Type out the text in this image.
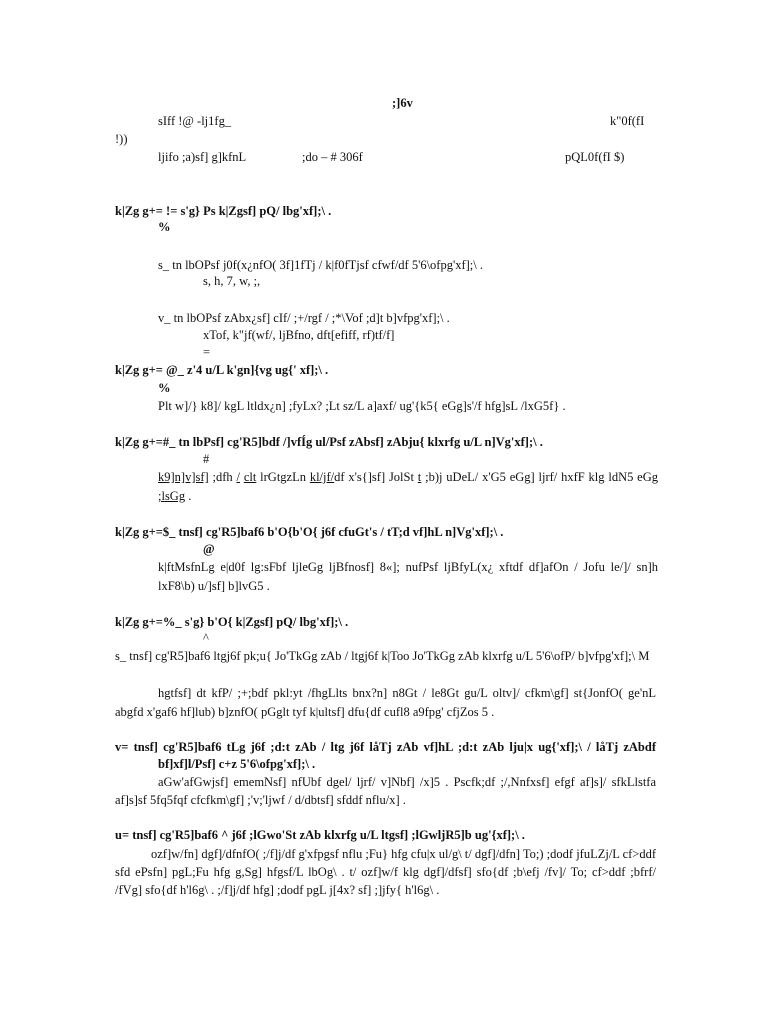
;]6v
sIff !@ -lj1fg_	k"0f(fI
!))
ljifo ;a)sf] g]kfnL	;do – # 306f	pQL0f(fI $)
k|Zg g+= != s'g} Ps k|Zgsf] pQ/ lbg'xf];\ .
%
s_ tn lbOPsf j0f(x¿nfO( 3f]1fTj / k|f0fTjsf cfwf/df 5'6\ofpg'xf];\ .
s, h, 7, w, ;,
v_ tn lbOPsf zAbx¿sf] cIf/ ;+/rgf / ;*\Vof ;d]t b]vfpg'xf];\ .
xTof, k"jf(wf/, ljBfno, dft[efiff, rf)tf/f]
=
k|Zg g+= @_ z'4 u/L k'gn]{vg ug{' xf];\ .
%
Plt w]/} k8]/ kgL ltldx¿n] ;fyLx? ;Lt sz/L a]axf/ ug'{k5{ eGg]s'/f hfg]sL /lxG5f} .
k|Zg g+=#_ tn lbPsf] cg'R5]bdf /]vfÍg ul/Psf zAbsf] zAbju{ klxrfg u/L n]Vg'xf];\ .
#
k9]n]v]sf] ;dfh / clt lrGtgzLn kl/jf/df x's{]sf] JolSt t ;b)j uDeL/ x'G5 eGg] ljrf/ hxfF klg ldN5 eGg ;lsGg .
k|Zg g+=$_ tnsf] cg'R5]baf6 b'O{b'O{ j6f cfuGt's / tT;d vf]hL n]Vg'xf];\ .
@
k|ftMsfnLg e|d0f lg:sFbf ljleGg ljBfnosf] 8«]; nufPsf ljBfyL(x¿ xftdf df]afOn / Jofu le/]/ sn]h lxF8\b) u/]sf] b]lvG5 .
k|Zg g+=%_ s'g} b'O{ k|Zgsf] pQ/ lbg'xf];\ .
^
s_ tnsf] cg'R5]baf6 ltgj6f pk;u{ Jo'TkGg zAb / ltgj6f k|Too Jo'TkGg zAb klxrfg u/L 5'6\ofP/ b]vfpg'xf];\ M
hgtfsf] dt kfP/ ;+;bdf pkl:yt /fhgLlts bnx?n] n8Gt / le8Gt gu/L oltv]/ cfkm\gf] st{JonfO( ge'nL abgfd x'gaf6 hf]lub) b]znfO( pGglt tyf k|ultsf] dfu{df cufl8 a9fpg' cfjZos 5 .
v= tnsf] cg'R5]baf6 tLg j6f ;d:t zAb / ltg j6f låTj zAb vf]hL ;d:t zAb lju|x ug{'xf];\ / låTj zAbdf bf]xf]l/Psf] c+z 5'6\ofpg'xf];\ .
aGw'afGwjsf] ememNsf] nfUbf dgel/ ljrf/ v]Nbf] /x]5 . Pscfk;df ;/,Nnfxsf] efgf af]s]/ sfkLlstfa af]s]sf 5fq5fqf cfcfkm\gf] ;'v;'ljwf / d/dbtsf] sfddf nflu/x] .
u= tnsf] cg'R5]baf6 ^ j6f ;lGwo'St zAb klxrfg u/L ltgsf] ;lGwljR5]b ug'{xf];\ .
ozf]w/fn] dgf]/dfnfO( ;/f]j/df g'xfpgsf nflu ;Fu} hfg cfu|x ul/g\ t/ dgf]/dfn] To;) ;dodf jfuLZj/L cf>ddf sfd ePsfn] pgL;Fu hfg g,Sg] hfgsf/L lbOg\ . t/ ozf]w/f klg dgf]/dfsf] sfo{df ;b\efj /fv]/ To; cf>ddf ;bfrf/ /fVg] sfo{df h'l6g\ . ;/f]j/df hfg] ;dodf pgL j[4x? sf] ;]jfy{ h'l6g\ .
